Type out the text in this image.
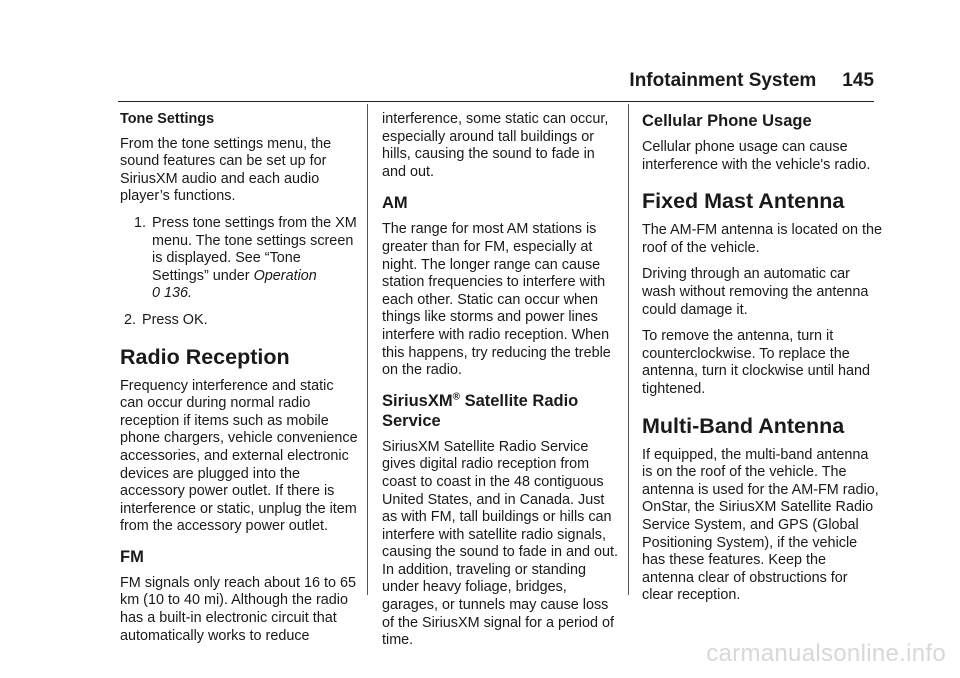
Infotainment System 145

Tone Settings

From the tone settings menu, the sound features can be set up for SiriusXM audio and each audio player’s functions.

1. Press tone settings from the XM menu. The tone settings screen is displayed. See “Tone Settings” under Operation
0 136.
2. Press OK.
Radio Reception

Frequency interference and static can occur during normal radio reception if items such as mobile phone chargers, vehicle convenience accessories, and external electronic devices are plugged into the accessory power outlet. If there is interference or static, unplug the item from the accessory power outlet.

FM

FM signals only reach about 16 to 65 km (10 to 40 mi). Although the radio has a built-in electronic circuit that automatically works to reduce

interference, some static can occur, especially around tall buildings or hills, causing the sound to fade in and out.

AM

The range for most AM stations is greater than for FM, especially at night. The longer range can cause station frequencies to interfere with each other. Static can occur when things like storms and power lines interfere with radio reception. When this happens, try reducing the treble on the radio.

SiriusXM® Satellite Radio Service

SiriusXM Satellite Radio Service gives digital radio reception from coast to coast in the 48 contiguous United States, and in Canada. Just as with FM, tall buildings or hills can interfere with satellite radio signals, causing the sound to fade in and out. In addition, traveling or standing under heavy foliage, bridges, garages, or tunnels may cause loss of the SiriusXM signal for a period of time.

Cellular Phone Usage

Cellular phone usage can cause interference with the vehicle's radio.

Fixed Mast Antenna

The AM-FM antenna is located on the roof of the vehicle.

Driving through an automatic car wash without removing the antenna could damage it.

To remove the antenna, turn it counterclockwise. To replace the antenna, turn it clockwise until hand tightened.

Multi-Band Antenna

If equipped, the multi-band antenna is on the roof of the vehicle. The antenna is used for the AM-FM radio, OnStar, the SiriusXM Satellite Radio Service System, and GPS (Global Positioning System), if the vehicle has these features. Keep the antenna clear of obstructions for clear reception.

carmanualsonline.info
